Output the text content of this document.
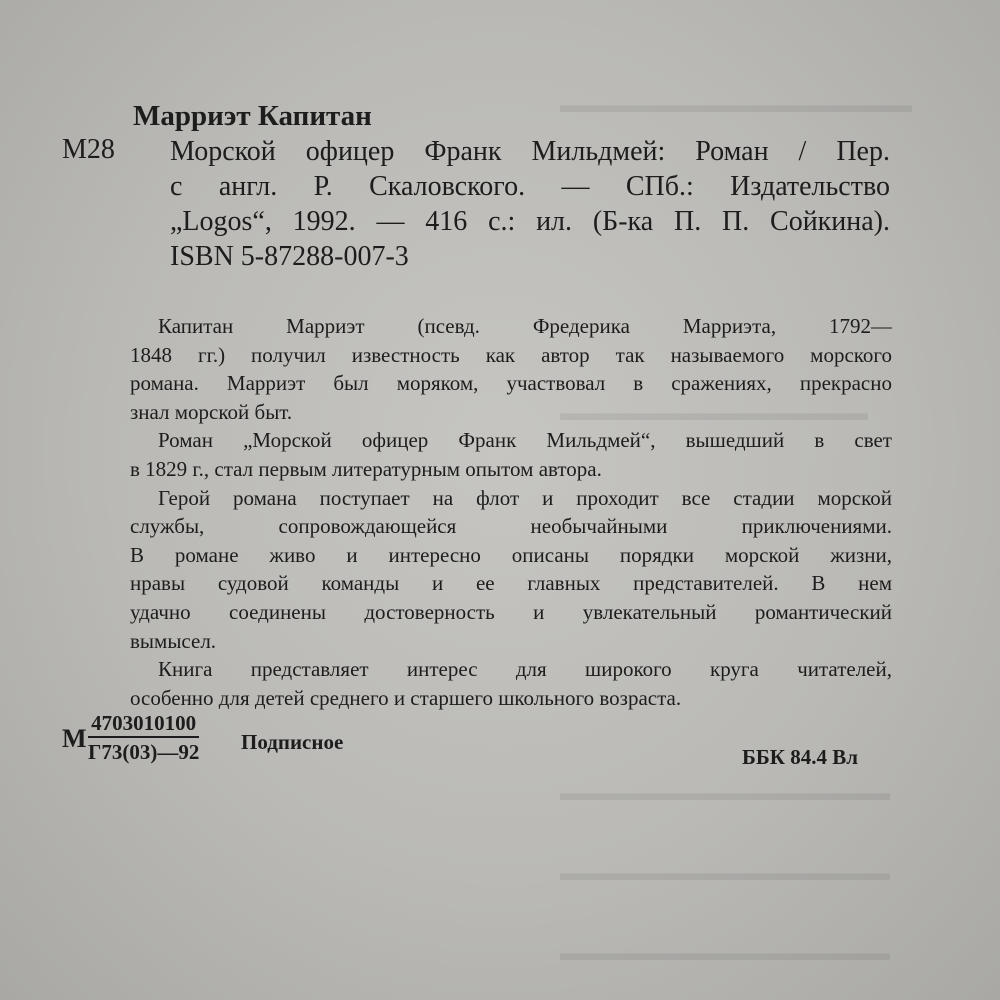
▬▬▬▬▬▬▬▬▬▬▬▬▬▬▬▬
▬▬▬▬▬▬▬▬▬▬▬▬▬▬
▬▬▬▬▬▬▬▬▬▬▬▬▬▬▬
▬▬▬▬▬▬▬▬▬▬▬▬▬▬▬
▬▬▬▬▬▬▬▬▬▬▬▬▬▬▬
Марриэт Капитан
М28 Морской офицер Франк Мильдмей: Роман / Пер.
с англ. Р. Скаловского. — СПб.: Издательство
„Logos“, 1992. — 416 с.: ил. (Б-ка П. П. Сойкина).
ISBN 5-87288-007-3
Капитан Марриэт (псевд. Фредерика Марриэта, 1792—
1848 гг.) получил известность как автор так называемого морского
романа. Марриэт был моряком, участвовал в сражениях, прекрасно
знал морской быт.
Роман „Морской офицер Франк Мильдмей“, вышедший в свет
в 1829 г., стал первым литературным опытом автора.
Герой романа поступает на флот и проходит все стадии морской
службы, сопровождающейся необычайными приключениями.
В романе живо и интересно описаны порядки морской жизни,
нравы судовой команды и ее главных представителей. В нем
удачно соединены достоверность и увлекательный романтический
вымысел.
Книга представляет интерес для широкого круга читателей,
особенно для детей среднего и старшего школьного возраста.
М
4703010100
Г73(03)—92 Подписное
ББК 84.4 Вл
